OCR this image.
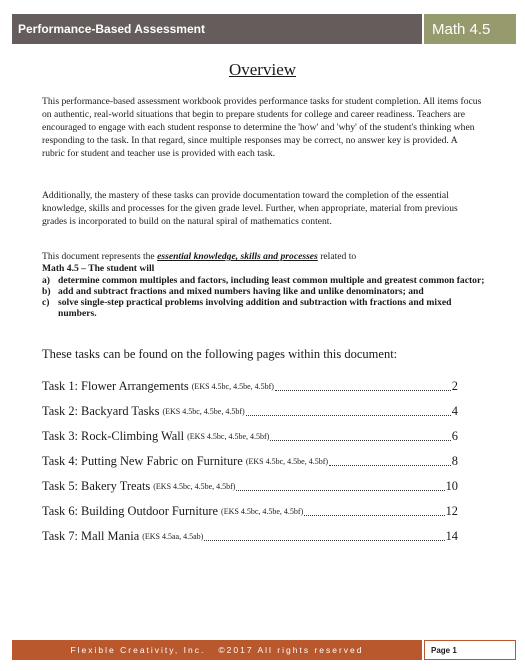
Performance-Based Assessment	Math 4.5
Overview

This performance-based assessment workbook provides performance tasks for student completion. All items focus on authentic, real-world situations that begin to prepare students for college and career readiness. Teachers are encouraged to engage with each student response to determine the 'how' and 'why' of the student's thinking when responding to the task. In that regard, since multiple responses may be correct, no answer key is provided. A rubric for student and teacher use is provided with each task.

Additionally, the mastery of these tasks can provide documentation toward the completion of the essential knowledge, skills and processes for the given grade level. Further, when appropriate, material from previous grades is incorporated to build on the natural spiral of mathematics content.

This document represents the essential knowledge, skills and processes related to

Math 4.5 – The student will
a) determine common multiples and factors, including least common multiple and greatest common factor;
b) add and subtract fractions and mixed numbers having like and unlike denominators; and
c) solve single-step practical problems involving addition and subtraction with fractions and mixed numbers.
These tasks can be found on the following pages within this document:
Task 1: Flower Arrangements (EKS 4.5bc, 4.5be, 4.5bf)	2
Task 2: Backyard Tasks (EKS 4.5bc, 4.5be, 4.5bf)	4
Task 3: Rock-Climbing Wall (EKS 4.5bc, 4.5be, 4.5bf)	6
Task 4: Putting New Fabric on Furniture (EKS 4.5bc, 4.5be, 4.5bf)	8
Task 5: Bakery Treats (EKS 4.5bc, 4.5be, 4.5bf)	10
Task 6: Building Outdoor Furniture (EKS 4.5bc, 4.5be, 4.5bf)	12
Task 7: Mall Mania (EKS 4.5aa, 4.5ab)	14
Flexible Creativity, Inc.   ©2017 All rights reserved	Page 1
